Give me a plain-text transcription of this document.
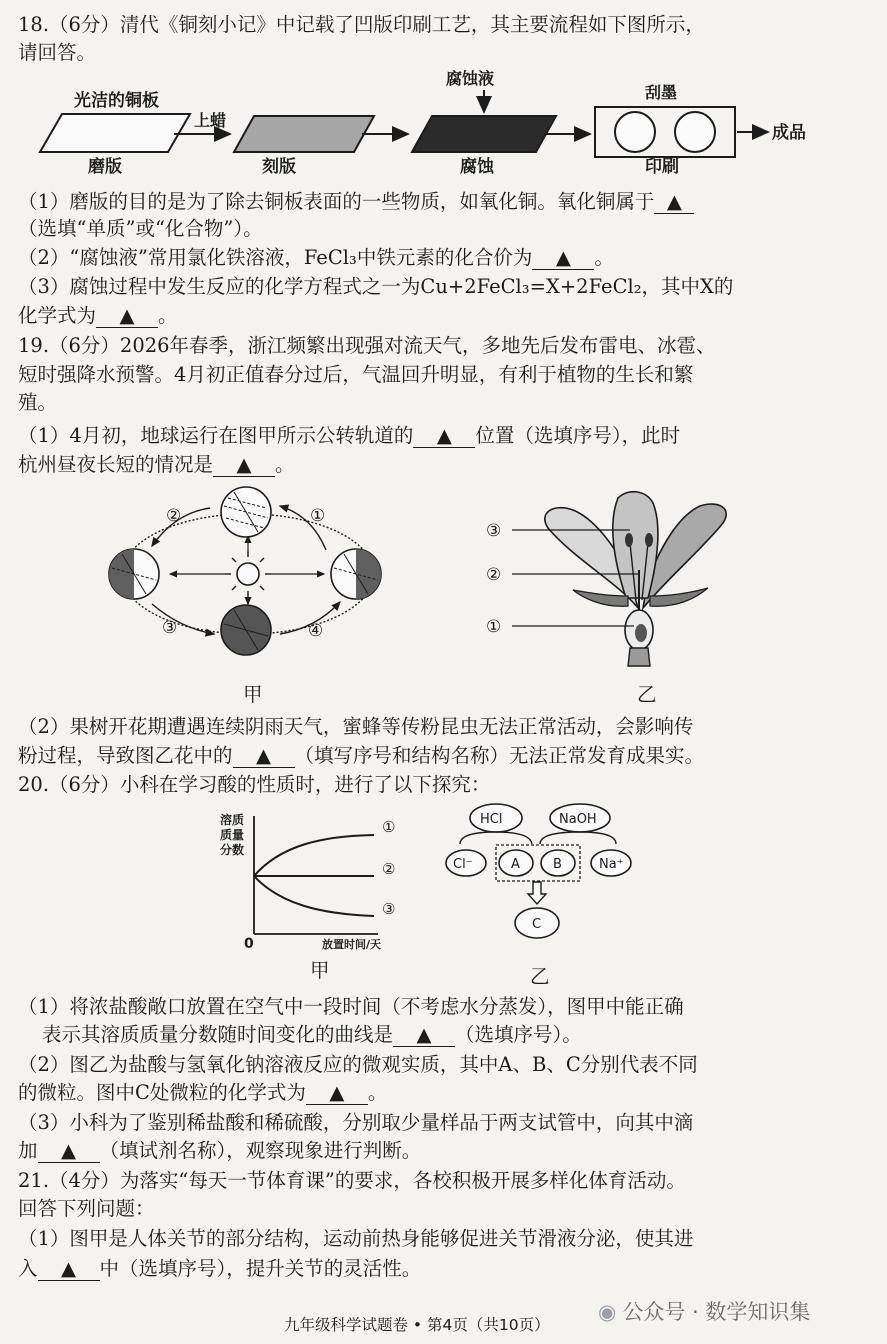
18.（6分）清代《铜刻小记》中记载了凹版印刷工艺，其主要流程如下图所示，
请回答。
光洁的铜板
磨版
上蜡
刻版
腐蚀液
腐蚀
刮墨
印刷
成品
（1）磨版的目的是为了除去铜板表面的一些物质，如氧化铜。氧化铜属于 ▲
（选填“单质”或“化合物”）。
（2）“腐蚀液”常用氯化铁溶液，FeCl₃中铁元素的化合价为 ▲ 。
（3）腐蚀过程中发生反应的化学方程式之一为Cu+2FeCl₃=X+2FeCl₂，其中X的
化学式为 ▲ 。
19.（6分）2026年春季，浙江频繁出现强对流天气，多地先后发布雷电、冰雹、
短时强降水预警。4月初正值春分过后，气温回升明显，有利于植物的生长和繁
殖。
（1）4月初，地球运行在图甲所示公转轨道的 ▲ 位置（选填序号），此时
杭州昼夜长短的情况是 ▲ 。
②	①
③	④
③
②
①
甲	乙
（2）果树开花期遭遇连续阴雨天气，蜜蜂等传粉昆虫无法正常活动，会影响传
粉过程，导致图乙花中的 ▲ （填写序号和结构名称）无法正常发育成果实。
20.（6分）小科在学习酸的性质时，进行了以下探究：
溶质
质量
分数
①
②
③
0	放置时间/天
HCl	NaOH
Cl⁻	A	B	Na⁺
C
甲	乙
（1）将浓盐酸敞口放置在空气中一段时间（不考虑水分蒸发），图甲中能正确
表示其溶质质量分数随时间变化的曲线是 ▲ （选填序号）。
（2）图乙为盐酸与氢氧化钠溶液反应的微观实质，其中A、B、C分别代表不同
的微粒。图中C处微粒的化学式为 ▲ 。
（3）小科为了鉴别稀盐酸和稀硫酸，分别取少量样品于两支试管中，向其中滴
加 ▲ （填试剂名称），观察现象进行判断。
21.（4分）为落实“每天一节体育课”的要求，各校积极开展多样化体育活动。
回答下列问题：
（1）图甲是人体关节的部分结构，运动前热身能够促进关节滑液分泌，使其进
入 ▲ 中（选填序号），提升关节的灵活性。
九年级科学试题卷 • 第4页（共10页）
◉ 公众号 · 数学知识集
